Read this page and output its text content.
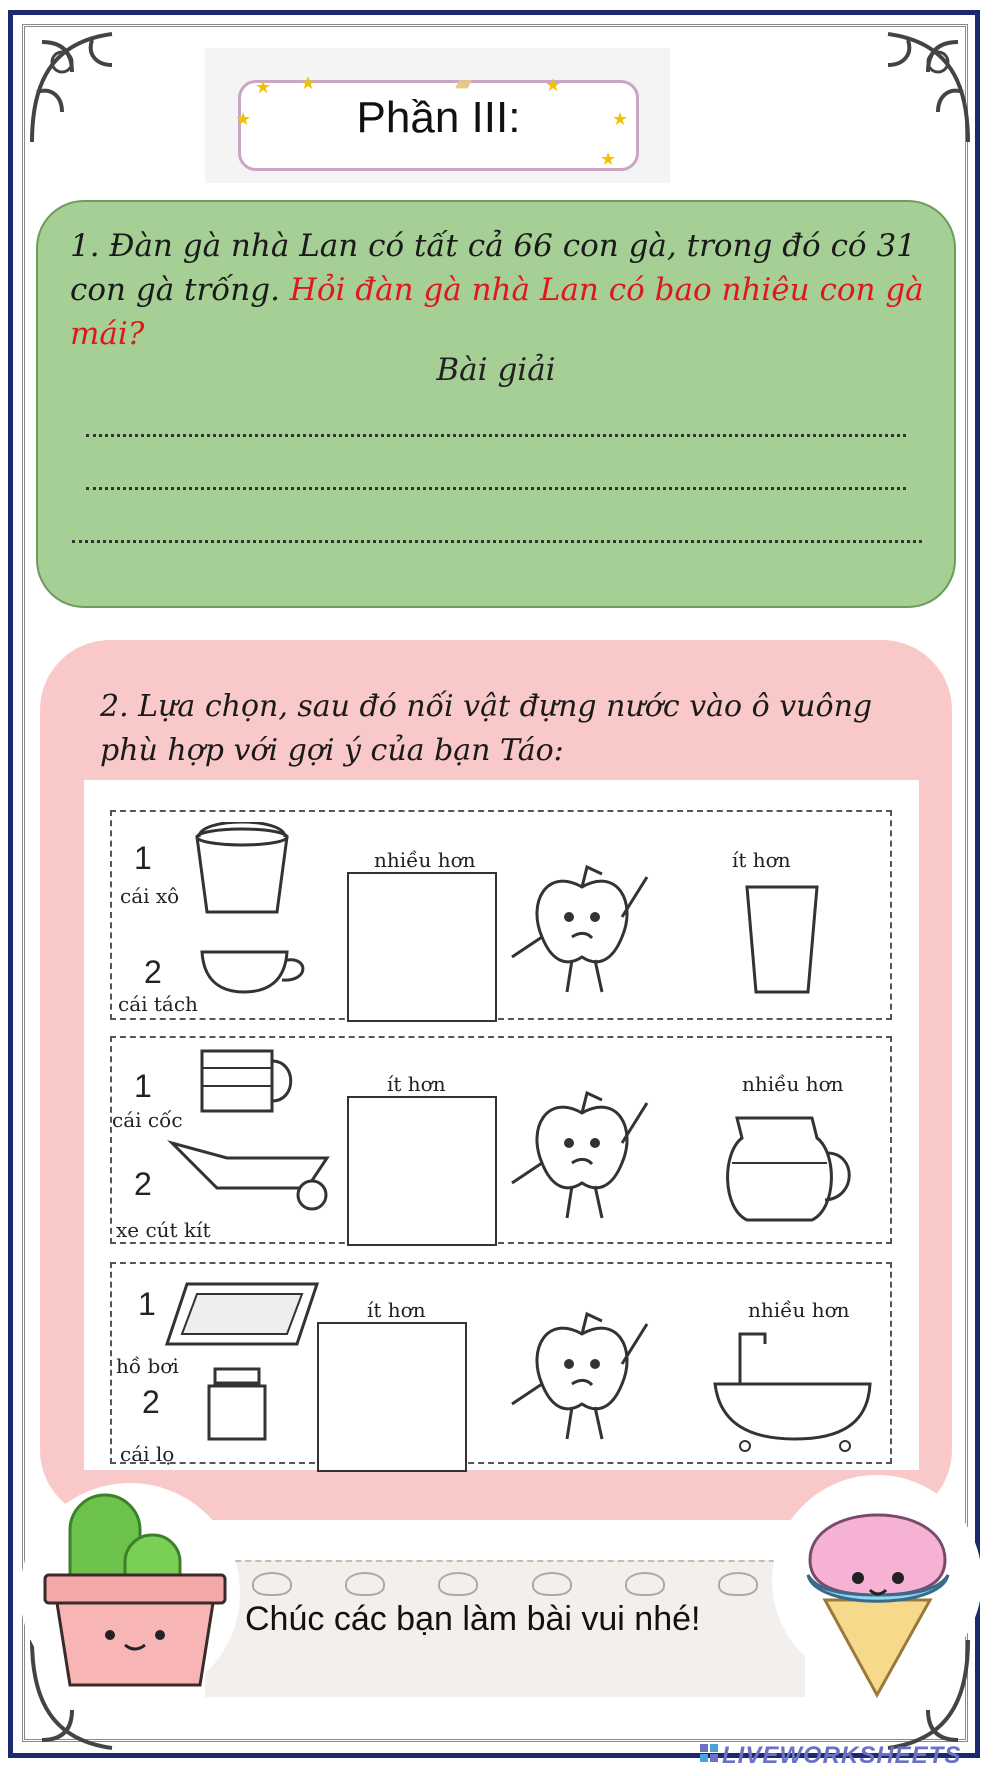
Phần III:
★ ★	★
★
★
★
▰
1. Đàn gà nhà Lan có tất cả 66 con gà, trong đó có 31 con gà trống. Hỏi đàn gà nhà Lan có bao nhiêu con gà mái?
Bài giải
2. Lựa chọn, sau đó nối vật đựng nước vào ô vuông phù hợp với gợi ý của bạn Táo:
1
cái xô
2
cái tách
nhiều hơn	ít hơn
1
cái cốc
2
xe cút kít
ít hơn	nhiều hơn
1
hồ bơi
2
cái lọ
ít hơn	nhiều hơn
Chúc các bạn làm bài vui nhé!
LIVEWORKSHEETS
